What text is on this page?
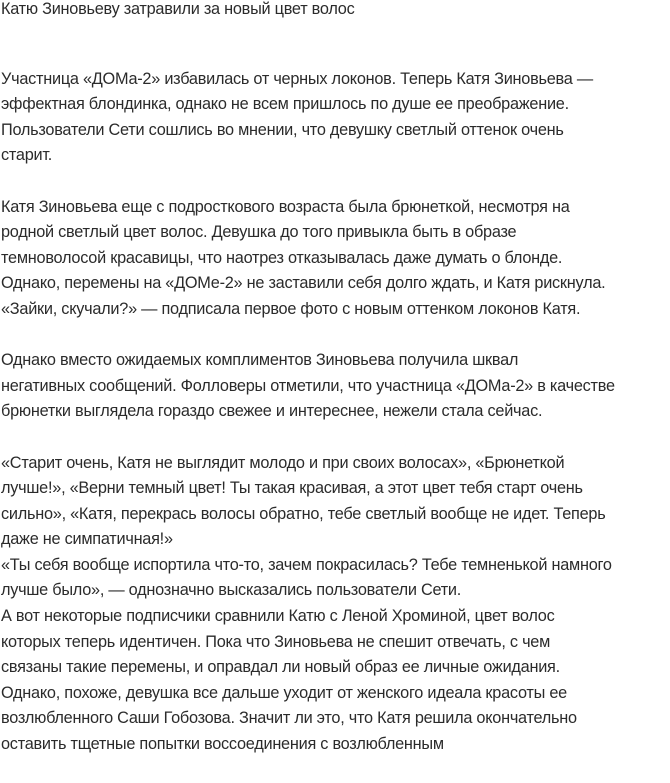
Катю Зиновьеву затравили за новый цвет волос
Участница «ДОМа-2» избавилась от черных локонов. Теперь Катя Зиновьева —
эффектная блондинка, однако не всем пришлось по душе ее преображение.
Пользователи Сети сошлись во мнении, что девушку светлый оттенок очень
старит.
Катя Зиновьева еще с подросткового возраста была брюнеткой, несмотря на
родной светлый цвет волос. Девушка до того привыкла быть в образе
темноволосой красавицы, что наотрез отказывалась даже думать о блонде.
Однако, перемены на «ДОМе-2» не заставили себя долго ждать, и Катя рискнула.
«Зайки, скучали?» — подписала первое фото с новым оттенком локонов Катя.
Однако вместо ожидаемых комплиментов Зиновьева получила шквал
негативных сообщений. Фолловеры отметили, что участница «ДОМа-2» в качестве
брюнетки выглядела гораздо свежее и интереснее, нежели стала сейчас.
«Старит очень, Катя не выглядит молодо и при своих волосах», «Брюнеткой
лучше!», «Верни темный цвет! Ты такая красивая, а этот цвет тебя старт очень
сильно», «Катя, перекрась волосы обратно, тебе светлый вообще не идет. Теперь
даже не симпатичная!»
«Ты себя вообще испортила что-то, зачем покрасилась? Тебе темненькой намного
лучше было», — однозначно высказались пользователи Сети.
А вот некоторые подписчики сравнили Катю с Леной Хроминой, цвет волос
которых теперь идентичен. Пока что Зиновьева не спешит отвечать, с чем
связаны такие перемены, и оправдал ли новый образ ее личные ожидания.
Однако, похоже, девушка все дальше уходит от женского идеала красоты ее
возлюбленного Саши Гобозова. Значит ли это, что Катя решила окончательно
оставить тщетные попытки воссоединения с возлюбленным
